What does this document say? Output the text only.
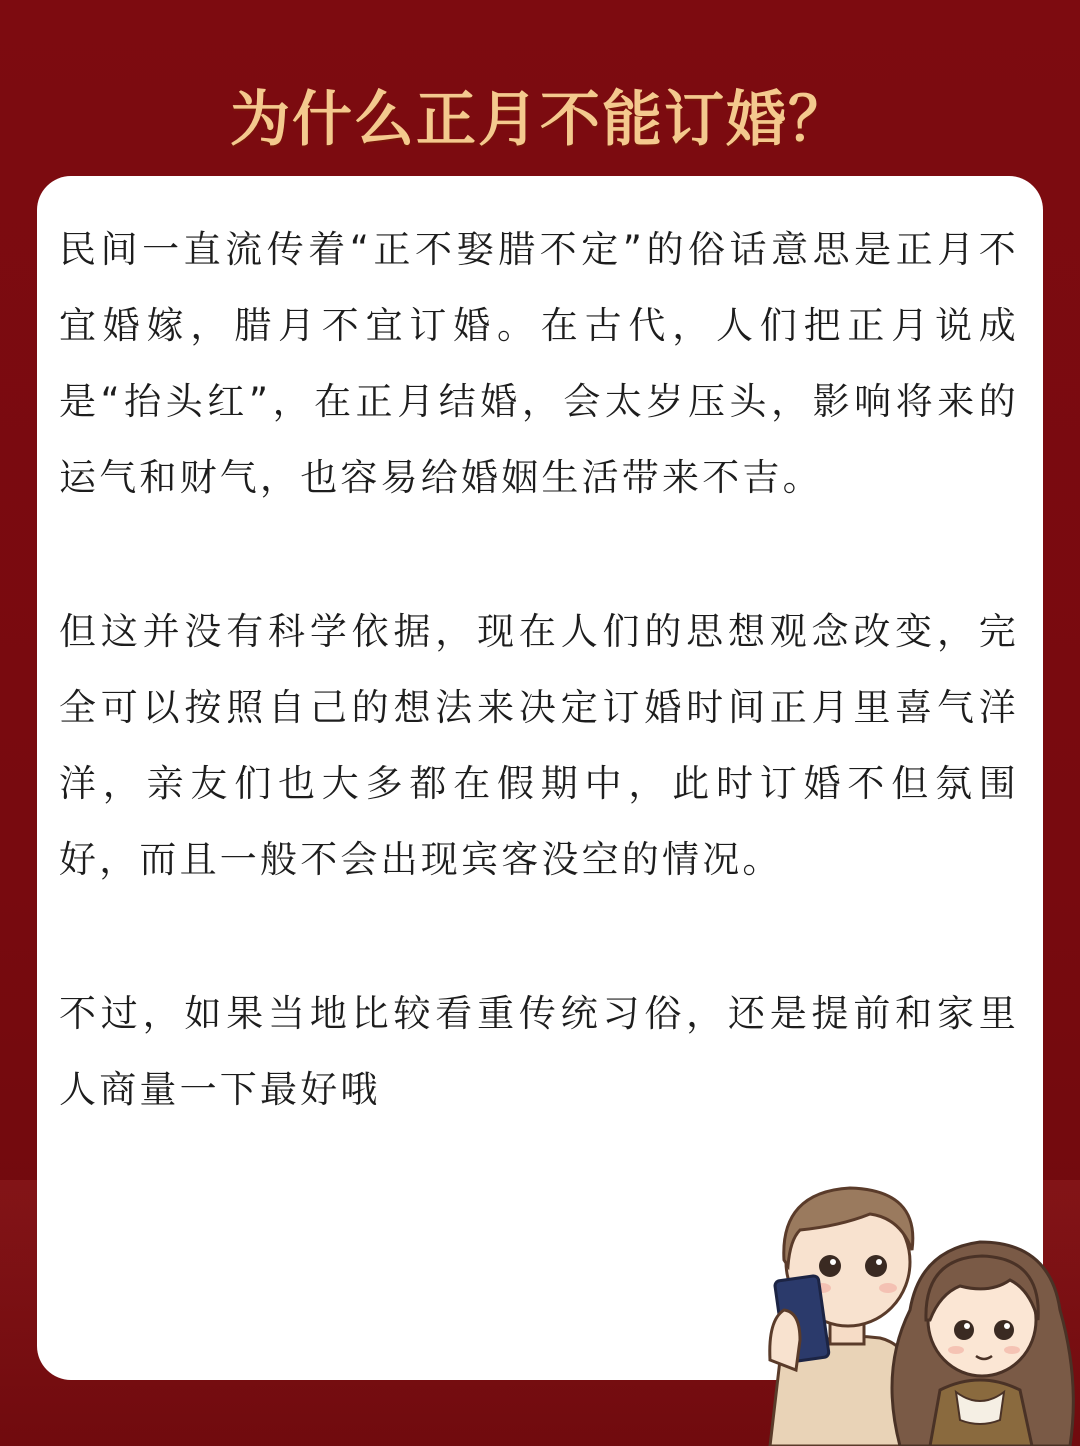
为什么正月不能订婚？

民间一直流传着“正不娶腊不定”的俗话意思是正月不宜婚嫁，腊月不宜订婚。在古代，人们把正月说成是“抬头红”，在正月结婚，会太岁压头，影响将来的运气和财气，也容易给婚姻生活带来不吉。

但这并没有科学依据，现在人们的思想观念改变，完全可以按照自己的想法来决定订婚时间正月里喜气洋洋，亲友们也大多都在假期中，此时订婚不但氛围好，而且一般不会出现宾客没空的情况。

不过，如果当地比较看重传统习俗，还是提前和家里人商量一下最好哦
